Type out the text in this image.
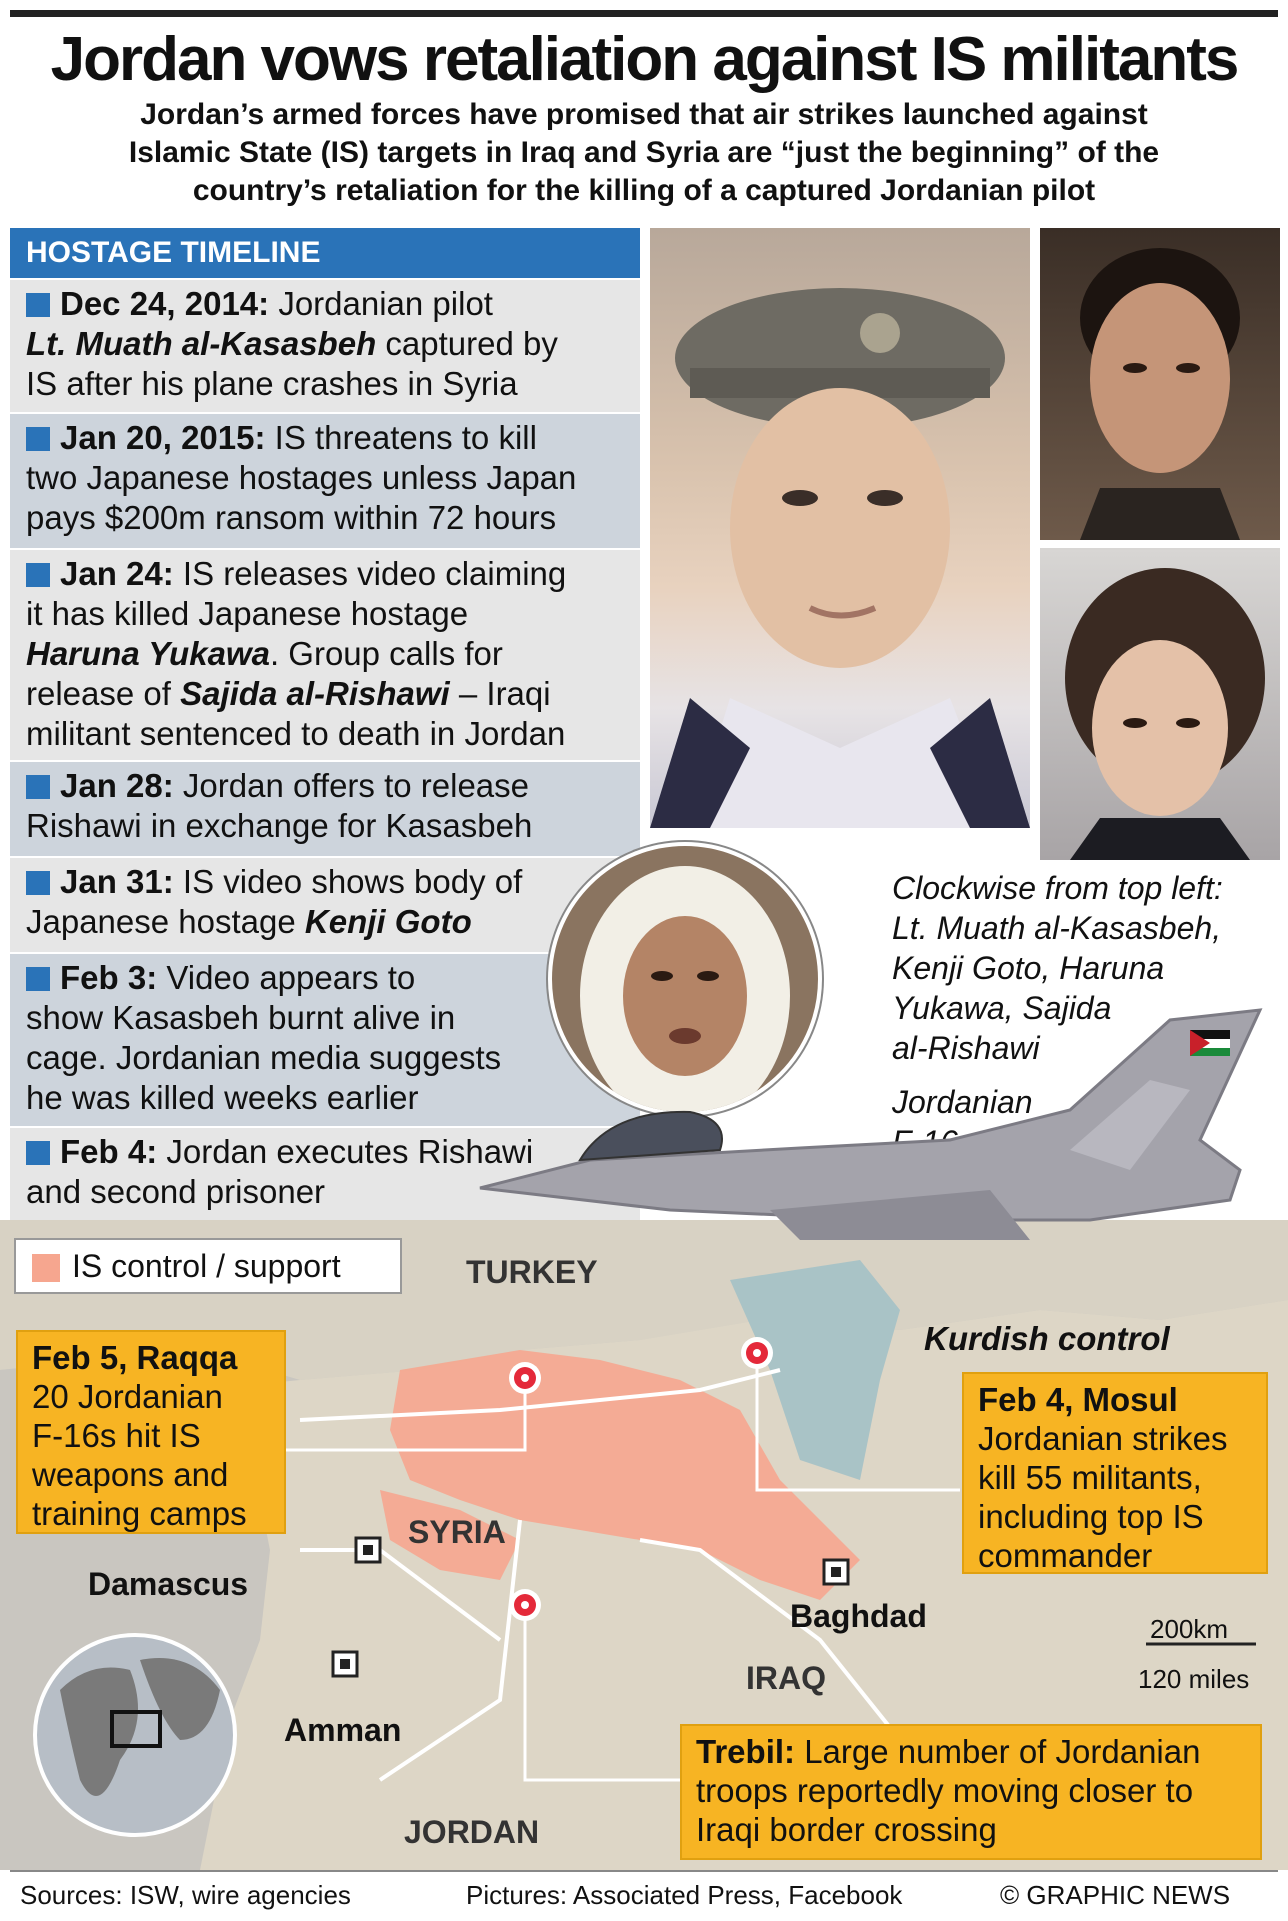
Jordan vows retaliation against IS militants
Jordan’s armed forces have promised that air strikes launched against
Islamic State (IS) targets in Iraq and Syria are “just the beginning” of the
country’s retaliation for the killing of a captured Jordanian pilot
HOSTAGE TIMELINE
Dec 24, 2014: Jordanian pilot
Lt. Muath al-Kasasbeh captured by
IS after his plane crashes in Syria
Jan 20, 2015: IS threatens to kill
two Japanese hostages unless Japan
pays $200m ransom within 72 hours
Jan 24: IS releases video claiming
it has killed Japanese hostage
Haruna Yukawa. Group calls for
release of Sajida al-Rishawi – Iraqi
militant sentenced to death in Jordan
Jan 28: Jordan offers to release
Rishawi in exchange for Kasasbeh
Jan 31: IS video shows body of
Japanese hostage Kenji Goto
Feb 3: Video appears to
show Kasasbeh burnt alive in
cage. Jordanian media suggests
he was killed weeks earlier
Feb 4: Jordan executes Rishawi
and second prisoner
Clockwise from top left:
Lt. Muath al-Kasasbeh,
Kenji Goto, Haruna
Yukawa, Sajida
al-Rishawi
Jordanian
IS control / support	TURKEY
Kurdish control
SYRIA
Damascus
Baghdad
IRAQ
Amman
JORDAN
200km
120 miles
Feb 5, Raqqa
20 Jordanian
F-16s hit IS
weapons and
training camps
Feb 4, Mosul
Jordanian strikes
kill 55 militants,
including top IS
commander
Trebil: Large number of Jordanian
troops reportedly moving closer to
Iraqi border crossing
Sources: ISW, wire agencies	Pictures: Associated Press, Facebook	© GRAPHIC NEWS
